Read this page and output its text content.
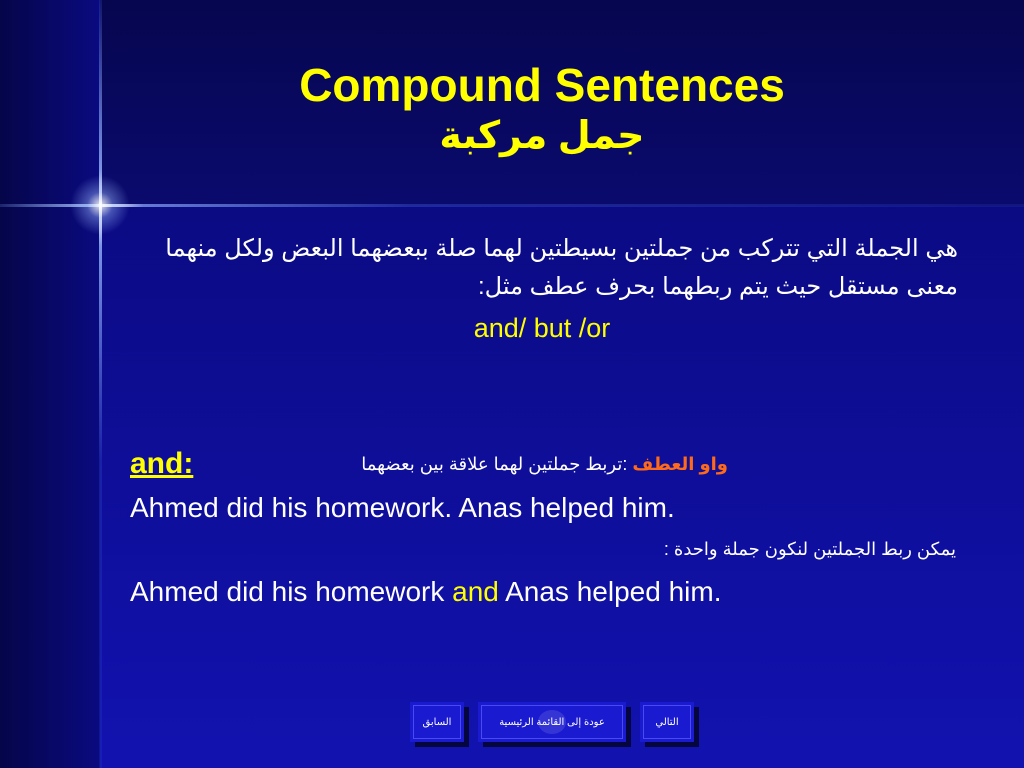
Compound Sentences
جمل مركبة
هي الجملة التي تتركب من جملتين بسيطتين لهما صلة ببعضهما البعض ولكل منهما معنى مستقل حيث يتم ربطهما بحرف عطف مثل:
and/ but /or
and:	واو العطف :تربط جملتين لهما علاقة بين بعضهما
Ahmed did his homework. Anas helped him.
يمكن ربط الجملتين لنكون جملة واحدة :
Ahmed did his homework and Anas helped him.
السابق	عودة إلى القائمة الرئيسية	التالي
